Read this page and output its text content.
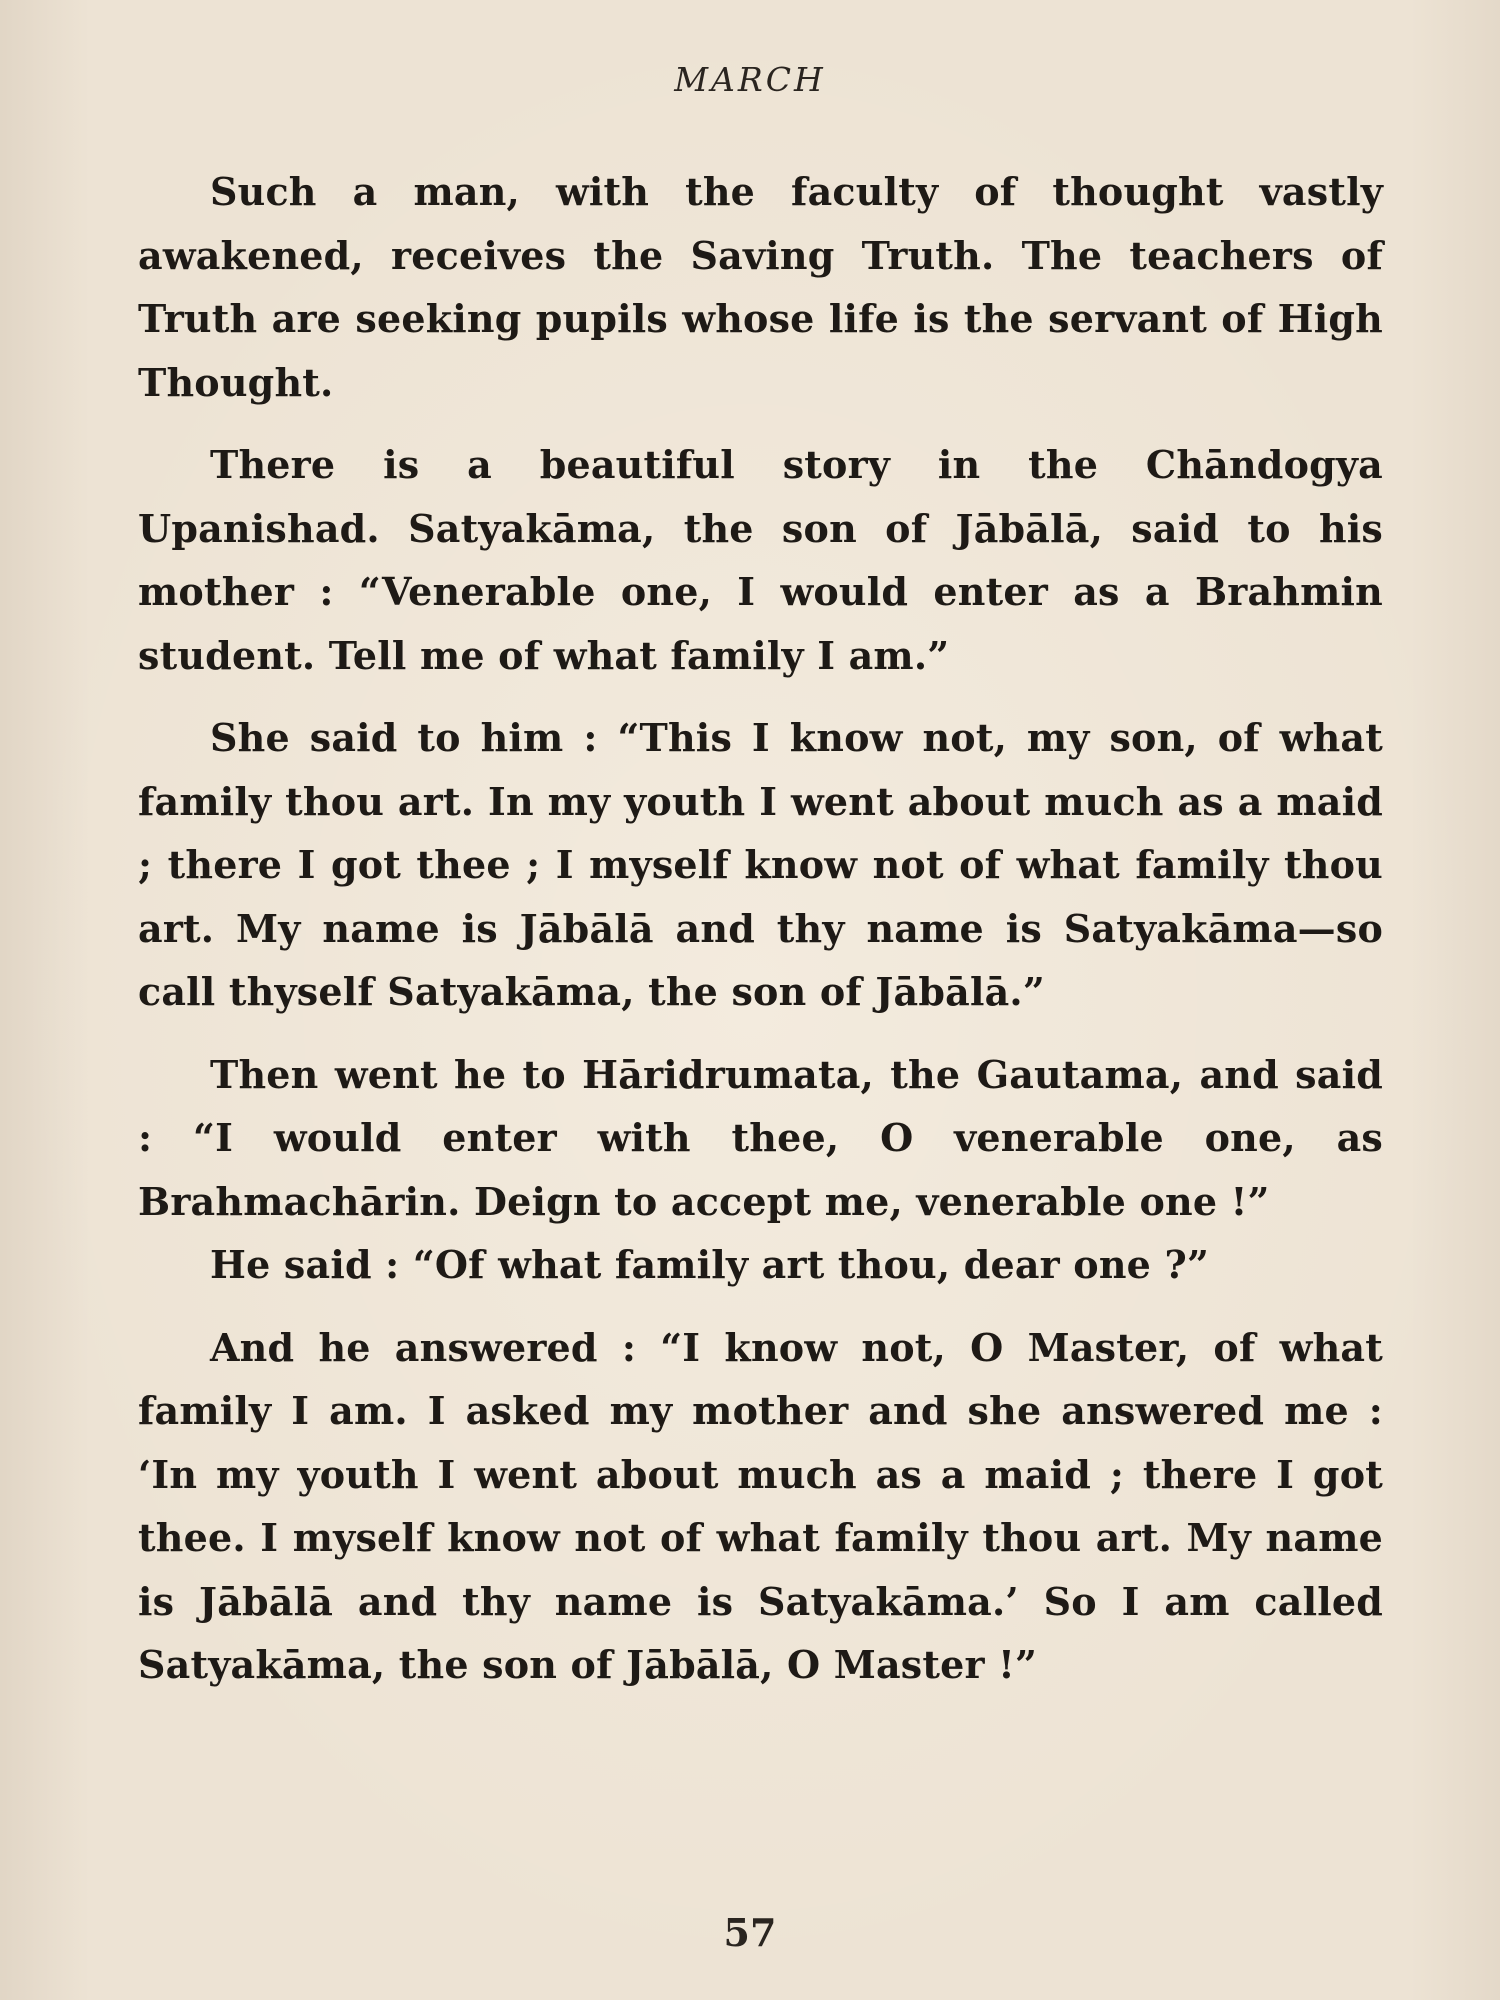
MARCH

Such a man, with the faculty of thought vastly awakened, receives the Saving Truth. The teachers of Truth are seeking pupils whose life is the servant of High Thought.

There is a beautiful story in the Chāndogya Upanishad. Satyakāma, the son of Jābālā, said to his mother : “Venerable one, I would enter as a Brahmin student. Tell me of what family I am.”

She said to him : “This I know not, my son, of what family thou art. In my youth I went about much as a maid ; there I got thee ; I myself know not of what family thou art. My name is Jābālā and thy name is Satyakāma—so call thyself Satyakāma, the son of Jābālā.”

Then went he to Hāridrumata, the Gautama, and said : “I would enter with thee, O venerable one, as Brahmachārin. Deign to accept me, venerable one !”

He said : “Of what family art thou, dear one ?”

And he answered : “I know not, O Master, of what family I am. I asked my mother and she answered me : ‘In my youth I went about much as a maid ; there I got thee. I myself know not of what family thou art. My name is Jābālā and thy name is Satyakāma.’ So I am called Satyakāma, the son of Jābālā, O Master !”

57
